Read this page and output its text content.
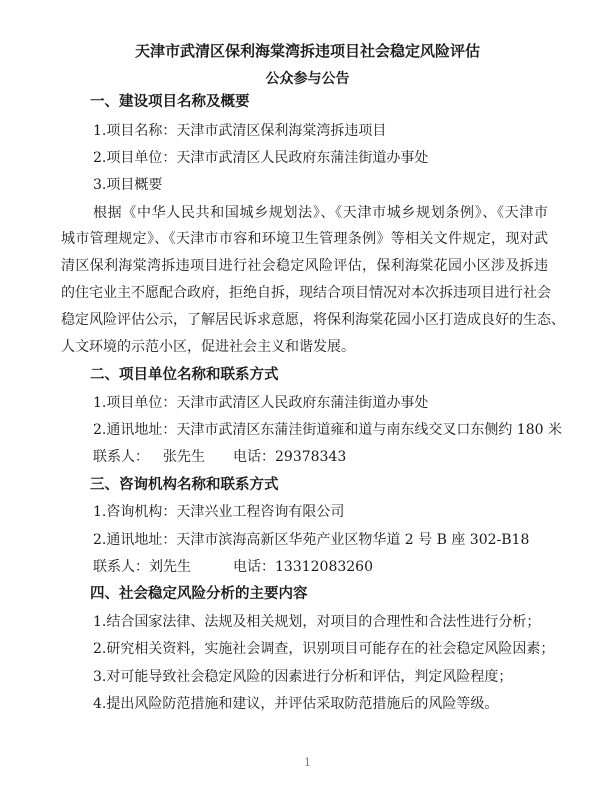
天津市武清区保利海棠湾拆违项目社会稳定风险评估
公众参与公告
一、建设项目名称及概要
1.项目名称：天津市武清区保利海棠湾拆违项目
2.项目单位：天津市武清区人民政府东蒲洼街道办事处
3.项目概要
根据《中华人民共和国城乡规划法》、《天津市城乡规划条例》、《天津市
城市管理规定》、《天津市市容和环境卫生管理条例》等相关文件规定，现对武
清区保利海棠湾拆违项目进行社会稳定风险评估，保利海棠花园小区涉及拆违
的住宅业主不愿配合政府，拒绝自拆，现结合项目情况对本次拆违项目进行社会
稳定风险评估公示，了解居民诉求意愿，将保利海棠花园小区打造成良好的生态、
人文环境的示范小区，促进社会主义和谐发展。
二、项目单位名称和联系方式
1.项目单位：天津市武清区人民政府东蒲洼街道办事处
2.通讯地址：天津市武清区东蒲洼街道雍和道与南东线交叉口东侧约 180 米
联系人： 张先生 电话：29378343
三、咨询机构名称和联系方式
1.咨询机构：天津兴业工程咨询有限公司
2.通讯地址：天津市滨海高新区华苑产业区物华道 2 号 B 座 302-B18
联系人：刘先生	电话：13312083260
四、社会稳定风险分析的主要内容
1.结合国家法律、法规及相关规划，对项目的合理性和合法性进行分析；
2.研究相关资料，实施社会调查，识别项目可能存在的社会稳定风险因素；
3.对可能导致社会稳定风险的因素进行分析和评估，判定风险程度；
4.提出风险防范措施和建议，并评估采取防范措施后的风险等级。
1
